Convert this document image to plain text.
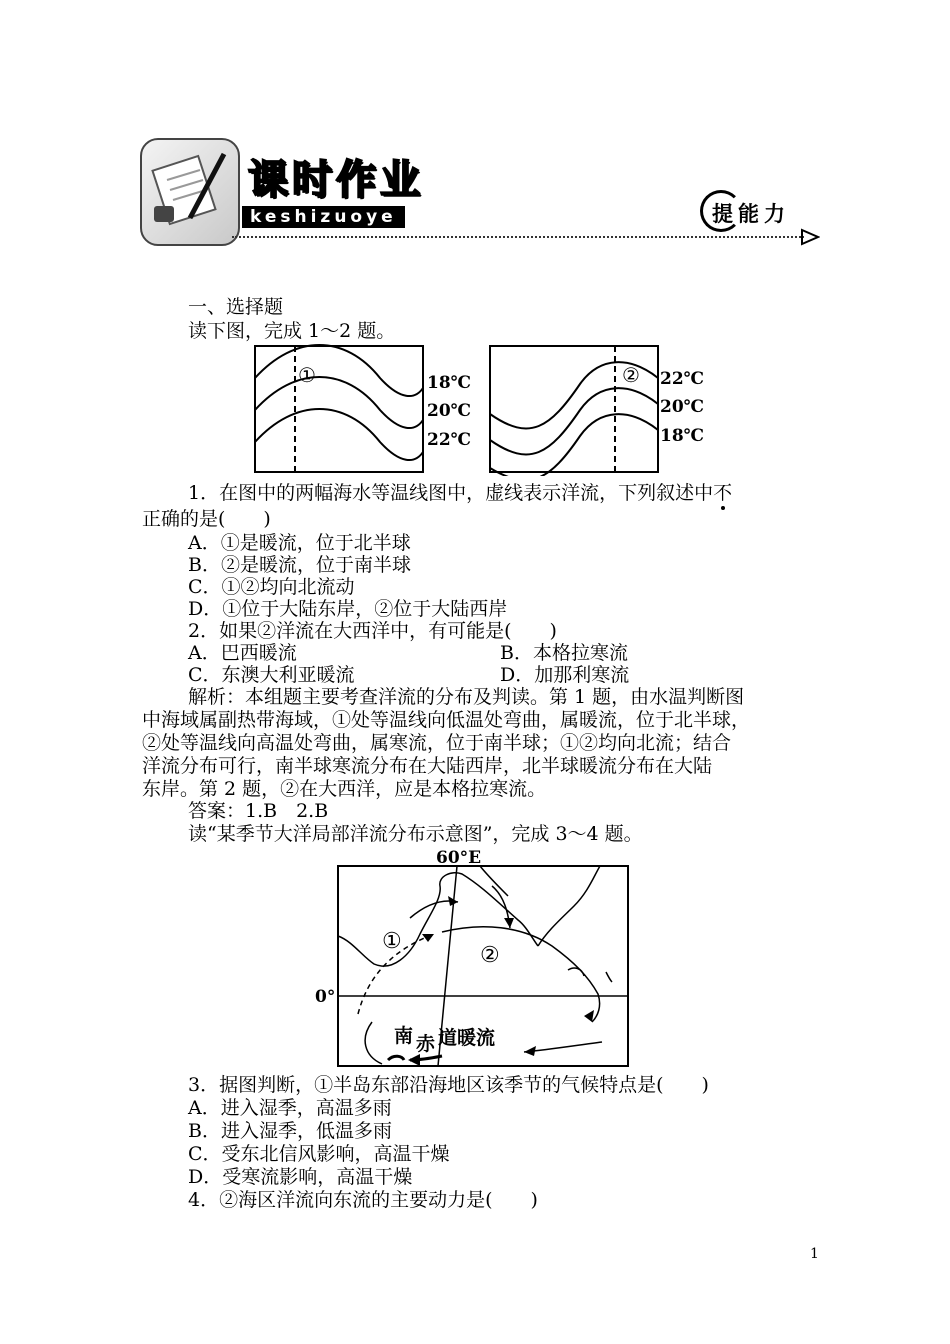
课时作业
keshizuoye	提能力
一、选择题
读下图，完成 1～2 题。
①	18℃
20℃
22℃
② 22℃
20℃
18℃
1．在图中的两幅海水等温线图中，虚线表示洋流，下列叙述中不
正确的是(　　)
A．①是暖流，位于北半球
B．②是暖流，位于南半球
C．①②均向北流动
D．①位于大陆东岸，②位于大陆西岸
2．如果②洋流在大西洋中，有可能是(　　)
A．巴西暖流	B．本格拉寒流
C．东澳大利亚暖流	D．加那利寒流
解析：本组题主要考查洋流的分布及判读。第 1 题，由水温判断图
中海域属副热带海域，①处等温线向低温处弯曲，属暖流，位于北半球，
②处等温线向高温处弯曲，属寒流，位于南半球；①②均向北流；结合
洋流分布可行，南半球寒流分布在大陆西岸，北半球暖流分布在大陆
东岸。第 2 题，②在大西洋，应是本格拉寒流。
答案：1.B　2.B
读“某季节大洋局部洋流分布示意图”，完成 3～4 题。
60°E
0°
①
②
南 赤 道暖流
3．据图判断，①半岛东部沿海地区该季节的气候特点是(　　)
A．进入湿季，高温多雨
B．进入湿季，低温多雨
C．受东北信风影响，高温干燥
D．受寒流影响，高温干燥
4．②海区洋流向东流的主要动力是(　　)
1
